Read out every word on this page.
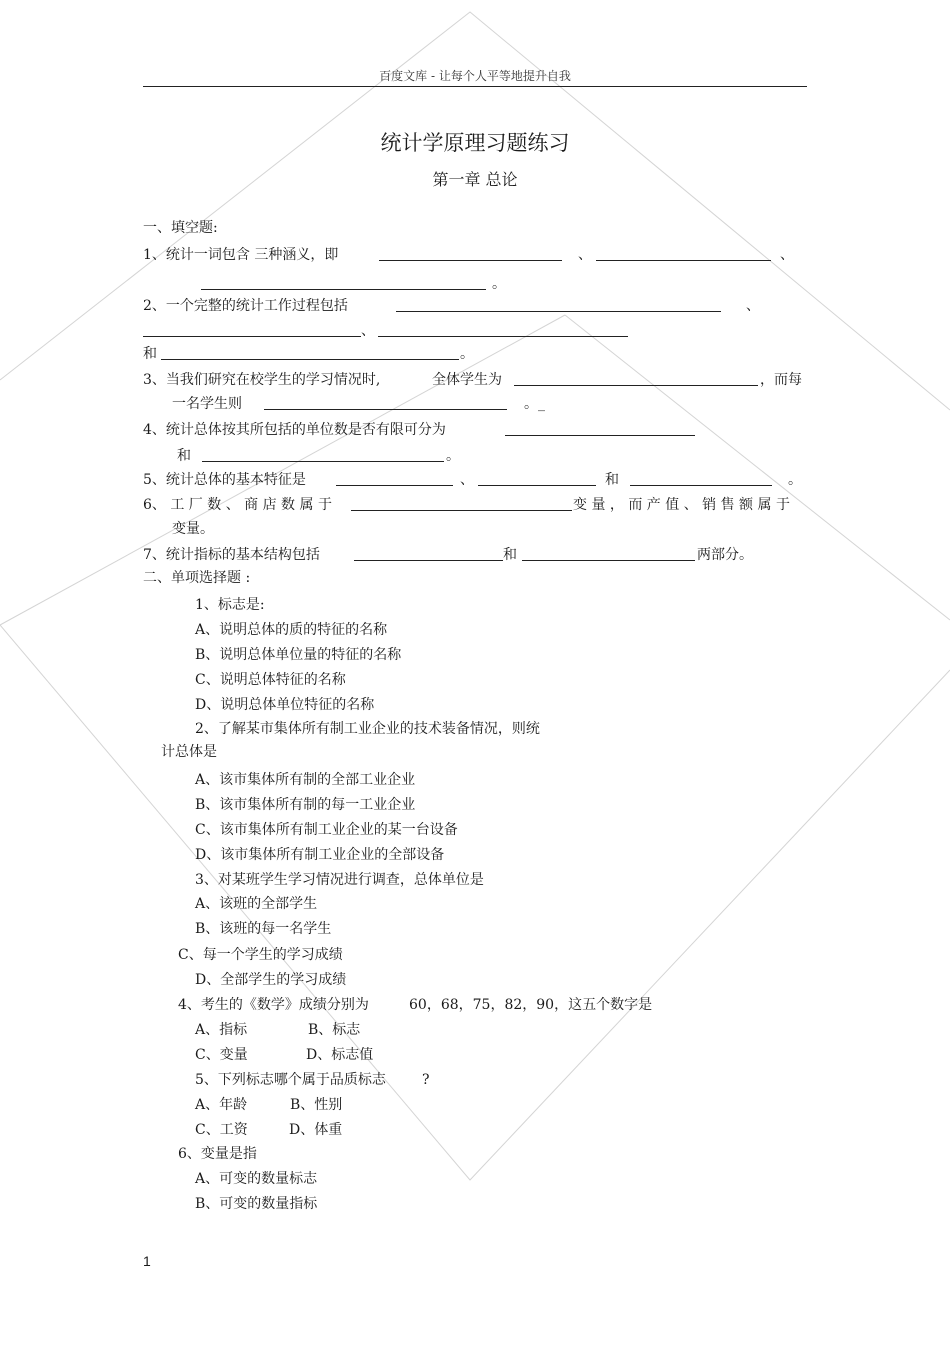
百度文库 - 让每个人平等地提升自我
统计学原理习题练习
第一章 总论
一、填空题:
1、统计一词包含 三种涵义，即	、	、
。
2、一个完整的统计工作过程包括	、
、
和	。
3、当我们研究在校学生的学习情况时,	全体学生为	，而每
一名学生则	。_
4、统计总体按其所包括的单位数是否有限可分为
和	。
5、统计总体的基本特征是	、	和	。
6、 工 厂 数 、 商 店 数 属 于	变 量 ， 而 产 值 、 销 售 额 属 于
变量。
7、统计指标的基本结构包括	和	两部分。
二、单项选择题 :
1、标志是:
A、说明总体的质的特征的名称
B、说明总体单位量的特征的名称
C、说明总体特征的名称
D、说明总体单位特征的名称
2、了解某市集体所有制工业企业的技术装备情况，则统
计总体是
A、该市集体所有制的全部工业企业
B、该市集体所有制的每一工业企业
C、该市集体所有制工业企业的某一台设备
D、该市集体所有制工业企业的全部设备
3、对某班学生学习情况进行调查，总体单位是
A、该班的全部学生
B、该班的每一名学生
C、每一个学生的学习成绩
D、全部学生的学习成绩
4、考生的《数学》成绩分别为	60，68，75，82，90，这五个数字是
A、指标	B、标志
C、变量	D、标志值
5、下列标志哪个属于品质标志	?
A、年龄	B、性别
C、工资	D、体重
6、变量是指
A、可变的数量标志
B、可变的数量指标
1
